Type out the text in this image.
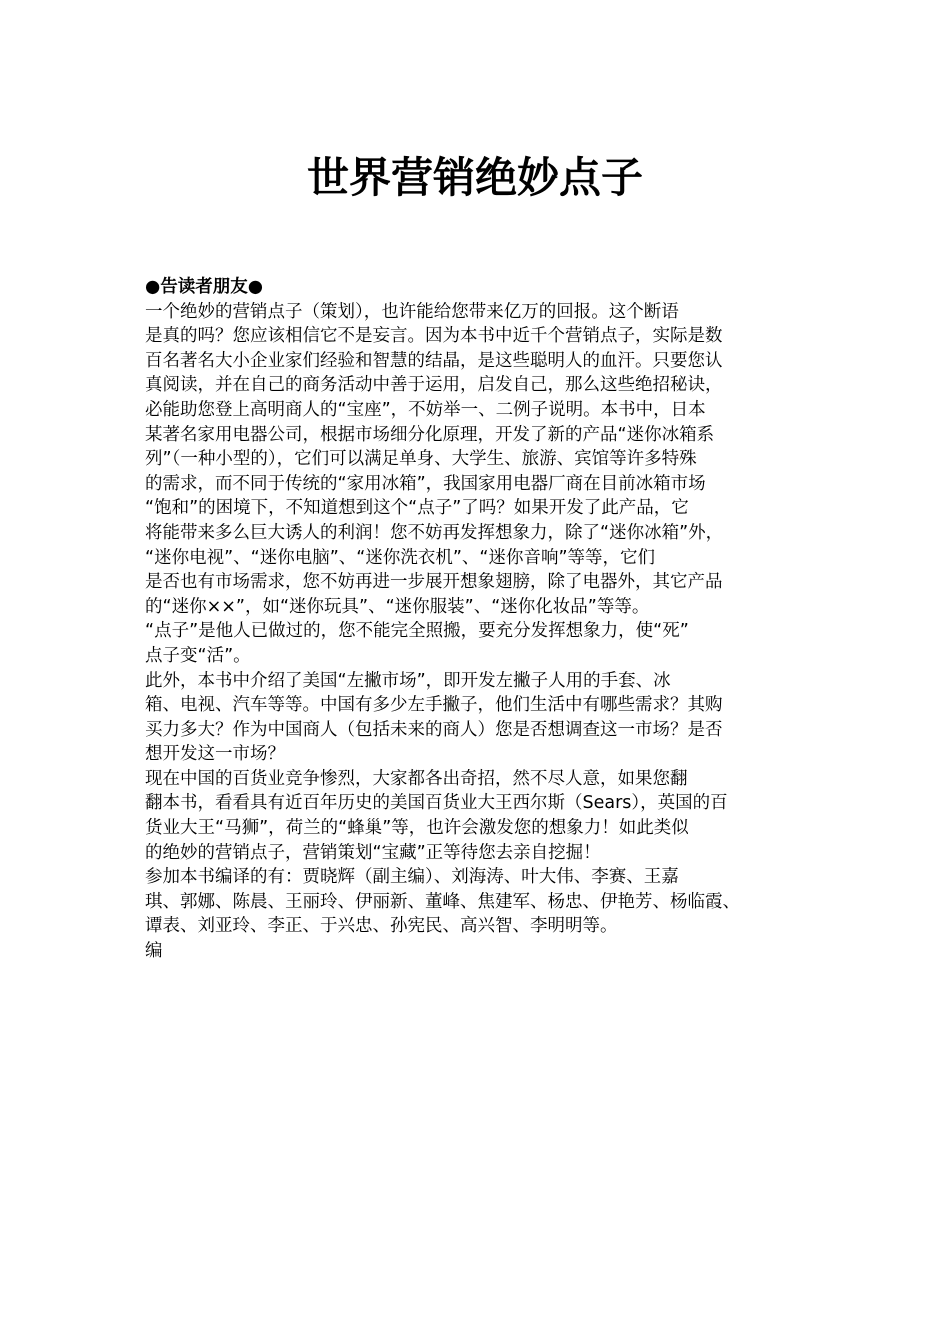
世界营销绝妙点子
●告读者朋友●
一个绝妙的营销点子（策划），也许能给您带来亿万的回报。这个断语
是真的吗？您应该相信它不是妄言。因为本书中近千个营销点子，实际是数
百名著名大小企业家们经验和智慧的结晶，是这些聪明人的血汗。只要您认
真阅读，并在自己的商务活动中善于运用，启发自己，那么这些绝招秘诀，
必能助您登上高明商人的“宝座”，不妨举一、二例子说明。本书中，日本
某著名家用电器公司，根据市场细分化原理，开发了新的产品“迷你冰箱系
列”（一种小型的），它们可以满足单身、大学生、旅游、宾馆等许多特殊
的需求，而不同于传统的“家用冰箱”，我国家用电器厂商在目前冰箱市场
“饱和”的困境下，不知道想到这个“点子”了吗？如果开发了此产品，它
将能带来多么巨大诱人的利润！您不妨再发挥想象力，除了“迷你冰箱”外，
“迷你电视”、“迷你电脑”、“迷你洗衣机”、“迷你音响”等等，它们
是否也有市场需求，您不妨再进一步展开想象翅膀，除了电器外，其它产品
的“迷你××”，如“迷你玩具”、“迷你服装”、“迷你化妆品”等等。
“点子”是他人已做过的，您不能完全照搬，要充分发挥想象力，使“死”
点子变“活”。
此外，本书中介绍了美国“左撇市场”，即开发左撇子人用的手套、冰
箱、电视、汽车等等。中国有多少左手撇子，他们生活中有哪些需求？其购
买力多大？作为中国商人（包括未来的商人）您是否想调查这一市场？是否
想开发这一市场？
现在中国的百货业竞争惨烈，大家都各出奇招，然不尽人意，如果您翻
翻本书，看看具有近百年历史的美国百货业大王西尔斯（Sears），英国的百
货业大王“马狮”，荷兰的“蜂巢”等，也许会激发您的想象力！如此类似
的绝妙的营销点子，营销策划“宝藏”正等待您去亲自挖掘！
参加本书编译的有：贾晓辉（副主编）、刘海涛、叶大伟、李赛、王嘉
琪、郭娜、陈晨、王丽玲、伊丽新、董峰、焦建军、杨忠、伊艳芳、杨临霞、
谭表、刘亚玲、李正、于兴忠、孙宪民、高兴智、李明明等。
编
